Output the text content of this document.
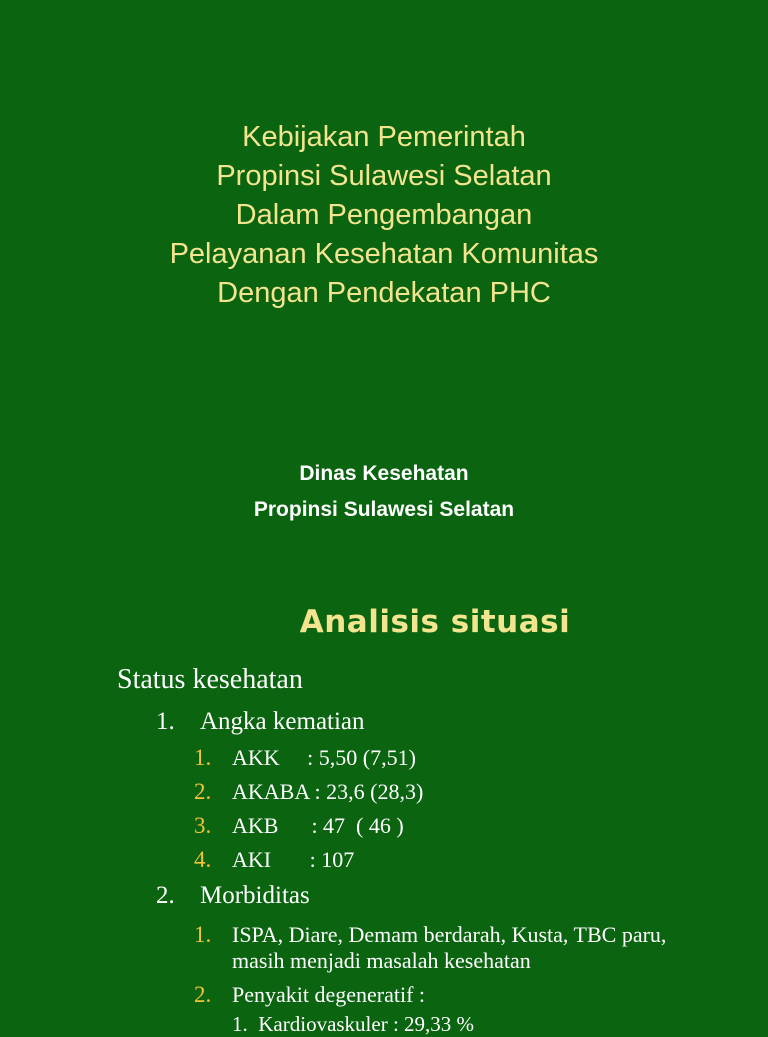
Kebijakan Pemerintah
Propinsi Sulawesi Selatan
Dalam Pengembangan
Pelayanan Kesehatan Komunitas
Dengan Pendekatan PHC
Dinas Kesehatan
Propinsi Sulawesi Selatan
Analisis situasi
Status kesehatan
1. Angka kematian
1. AKK     : 5,50 (7,51)
2. AKABA : 23,6 (28,3)
3. AKB      : 47  ( 46 )
4. AKI       : 107
2. Morbiditas
1. ISPA, Diare, Demam berdarah, Kusta, TBC paru,
masih menjadi masalah kesehatan
2. Penyakit degeneratif :
1.  Kardiovaskuler : 29,33 %
